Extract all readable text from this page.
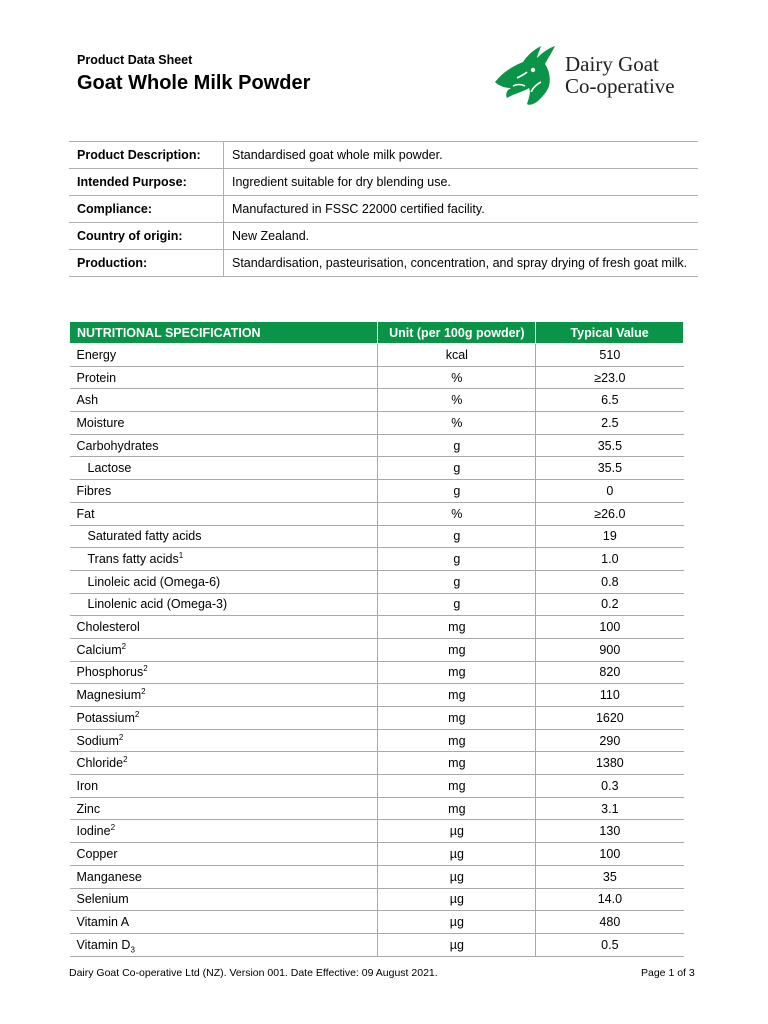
Product Data Sheet
Goat Whole Milk Powder
Dairy Goat
Co-operative
Product Description:	Standardised goat whole milk powder.
Intended Purpose:	Ingredient suitable for dry blending use.
Compliance:	Manufactured in FSSC 22000 certified facility.
Country of origin:	New Zealand.
Production:	Standardisation, pasteurisation, concentration, and spray drying of fresh goat milk.
NUTRITIONAL SPECIFICATION	Unit (per 100g powder)	Typical Value
Energy	kcal	510
Protein	%	≥23.0
Ash	%	6.5
Moisture	%	2.5
Carbohydrates	g	35.5
Lactose	g	35.5
Fibres	g	0
Fat	%	≥26.0
Saturated fatty acids	g	19
Trans fatty acids$^1$	g	1.0
Linoleic acid (Omega-6)	g	0.8
Linolenic acid (Omega-3)	g	0.2
Cholesterol	mg	100
Calcium$^2$	mg	900
Phosphorus$^2$	mg	820
Magnesium$^2$	mg	110
Potassium$^2$	mg	1620
Sodium$^2$	mg	290
Chloride$^2$	mg	1380
Iron	mg	0.3
Zinc	mg	3.1
Iodine$^2$	µg	130
Copper	µg	100
Manganese	µg	35
Selenium	µg	14.0
Vitamin A	µg	480
Vitamin $D_3$	µg	0.5
Dairy Goat Co-operative Ltd (NZ). Version 001. Date Effective: 09 August 2021.	Page 1 of 3
